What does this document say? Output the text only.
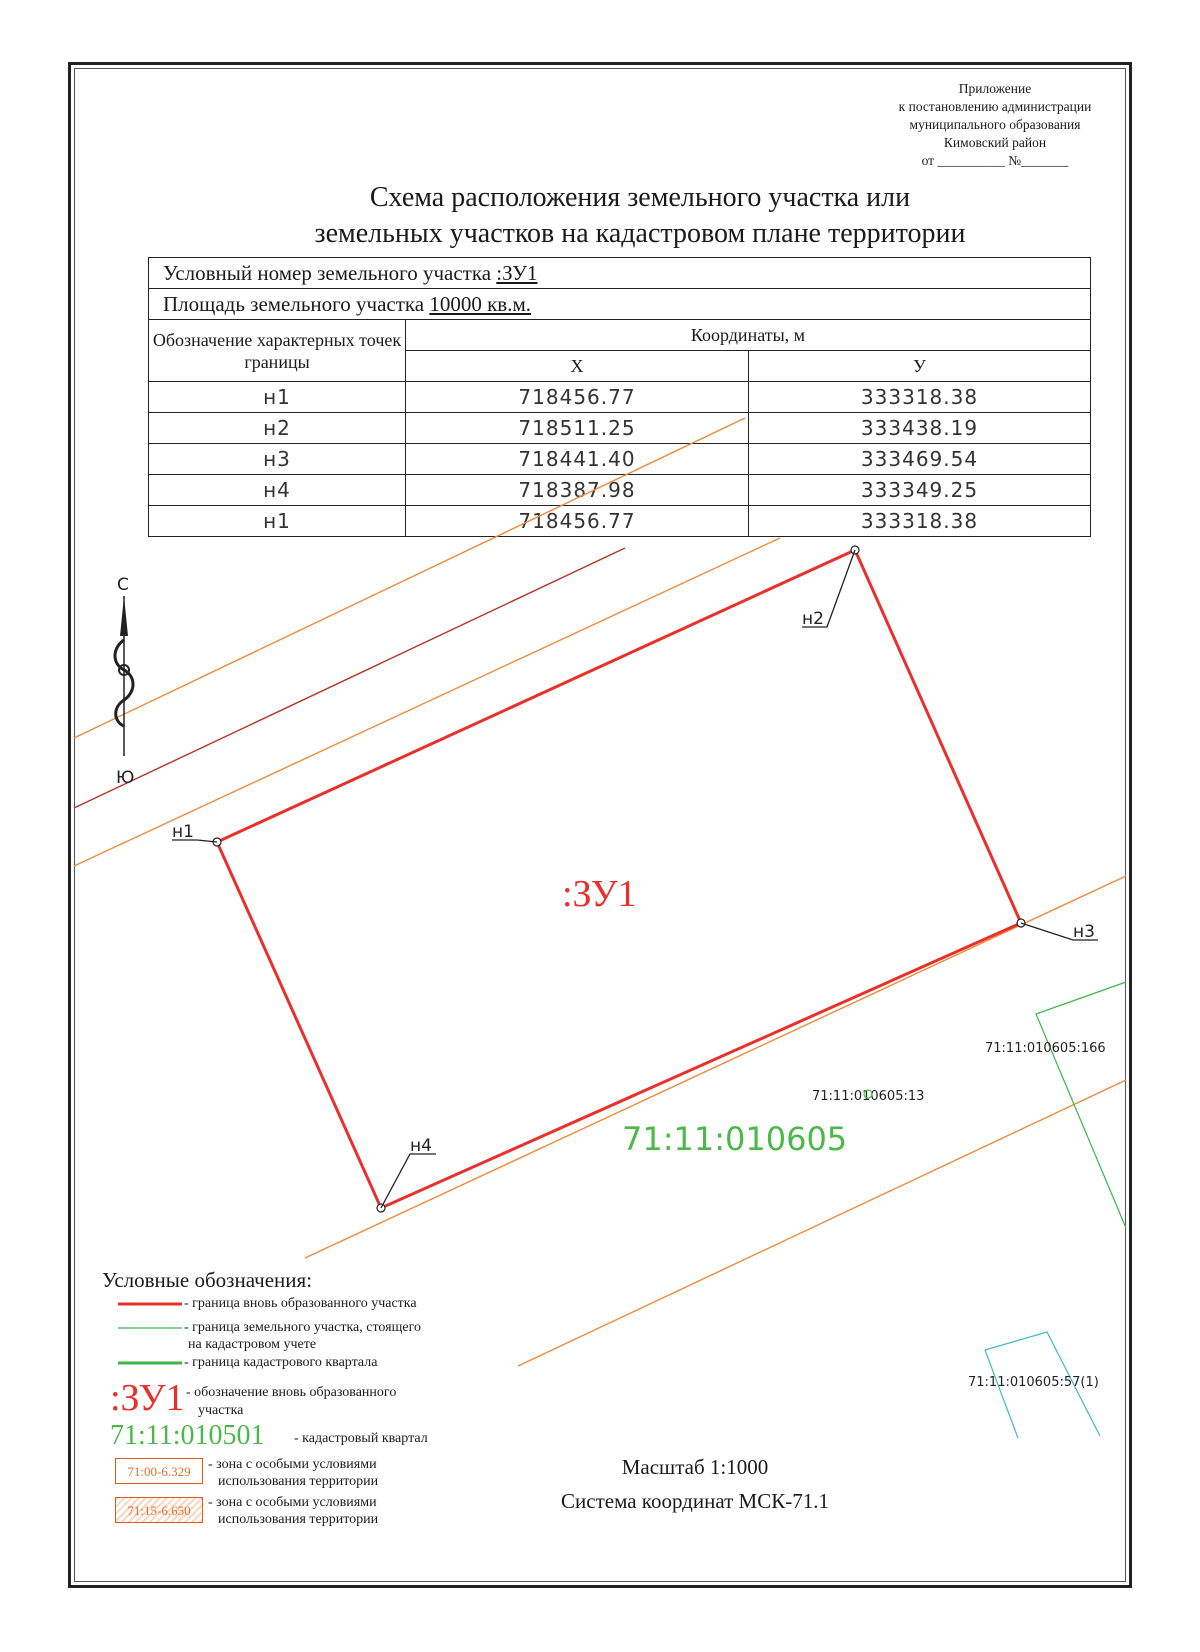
Приложение
к постановлению администрации
муниципального образования
Кимовский район
от __________ №_______
Схема расположения земельного участка или
земельных участков на кадастровом плане территории
Условный номер земельного участка :ЗУ1		
Площадь земельного участка 10000 кв.м.		
Обозначение характерных точек границы	Координаты, м	
	X	У
н1	718456.77	333318.38
н2	718511.25	333438.19
н3	718441.40	333469.54
н4	718387.98	333349.25
н1	718456.77	333318.38
н1
н2
н3
н4
:ЗУ1
71:11:010605
71:11:010605:13
71:11:010605:166
71:11:010605:57(1)
С
Ю
Условные обозначения:
- граница вновь образованного участка
- граница земельного участка, стоящего
на кадастровом учете
- граница кадастрового квартала
:ЗУ1 - обозначение вновь образованного
участка
71:11:010501 - кадастровый квартал
71:00-6.329	- зона с особыми условиями
использования территории
71:15-6.650
- зона с особыми условиями
использования территории
Масштаб 1:1000
Система координат МСК-71.1
